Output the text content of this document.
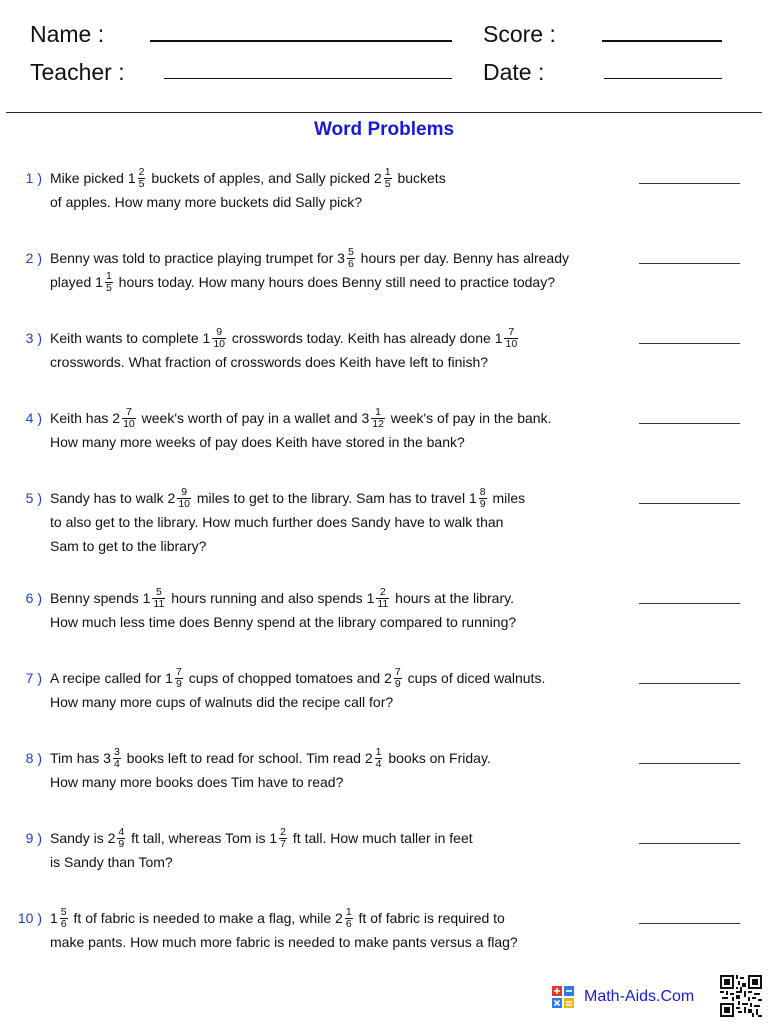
Name :	Score :
Teacher :	Date :
Word Problems
1 ) Mike picked $1 \frac{2}{5}$ buckets of apples, and Sally picked $2 \frac{1}{5}$ buckets
of apples. How many more buckets did Sally pick?
2 ) Benny was told to practice playing trumpet for $3 \frac{5}{6}$ hours per day. Benny has already
played $1 \frac{1}{5}$ hours today. How many hours does Benny still need to practice today?
3 ) Keith wants to complete $1 \frac{9}{10}$ crosswords today. Keith has already done $1 \frac{7}{10}$
crosswords. What fraction of crosswords does Keith have left to finish?
4 ) Keith has $2 \frac{7}{10}$ week's worth of pay in a wallet and $3 \frac{1}{12}$ week's of pay in the bank.
How many more weeks of pay does Keith have stored in the bank?
5 ) Sandy has to walk $2 \frac{9}{10}$ miles to get to the library. Sam has to travel $1 \frac{8}{9}$ miles
to also get to the library. How much further does Sandy have to walk than
Sam to get to the library?
6 ) Benny spends $1 \frac{5}{11}$ hours running and also spends $1 \frac{2}{11}$ hours at the library.
How much less time does Benny spend at the library compared to running?
7 ) A recipe called for $1 \frac{7}{9}$ cups of chopped tomatoes and $2 \frac{7}{9}$ cups of diced walnuts.
How many more cups of walnuts did the recipe call for?
8 ) Tim has $3 \frac{3}{4}$ books left to read for school. Tim read $2 \frac{1}{4}$ books on Friday.
How many more books does Tim have to read?
9 ) Sandy is $2 \frac{4}{9}$ ft tall, whereas Tom is $1 \frac{2}{7}$ ft tall. How much taller in feet
is Sandy than Tom?
10 ) $1 \frac{5}{6}$ ft of fabric is needed to make a flag, while $2 \frac{1}{6}$ ft of fabric is required to
make pants. How much more fabric is needed to make pants versus a flag?
Math-Aids.Com
